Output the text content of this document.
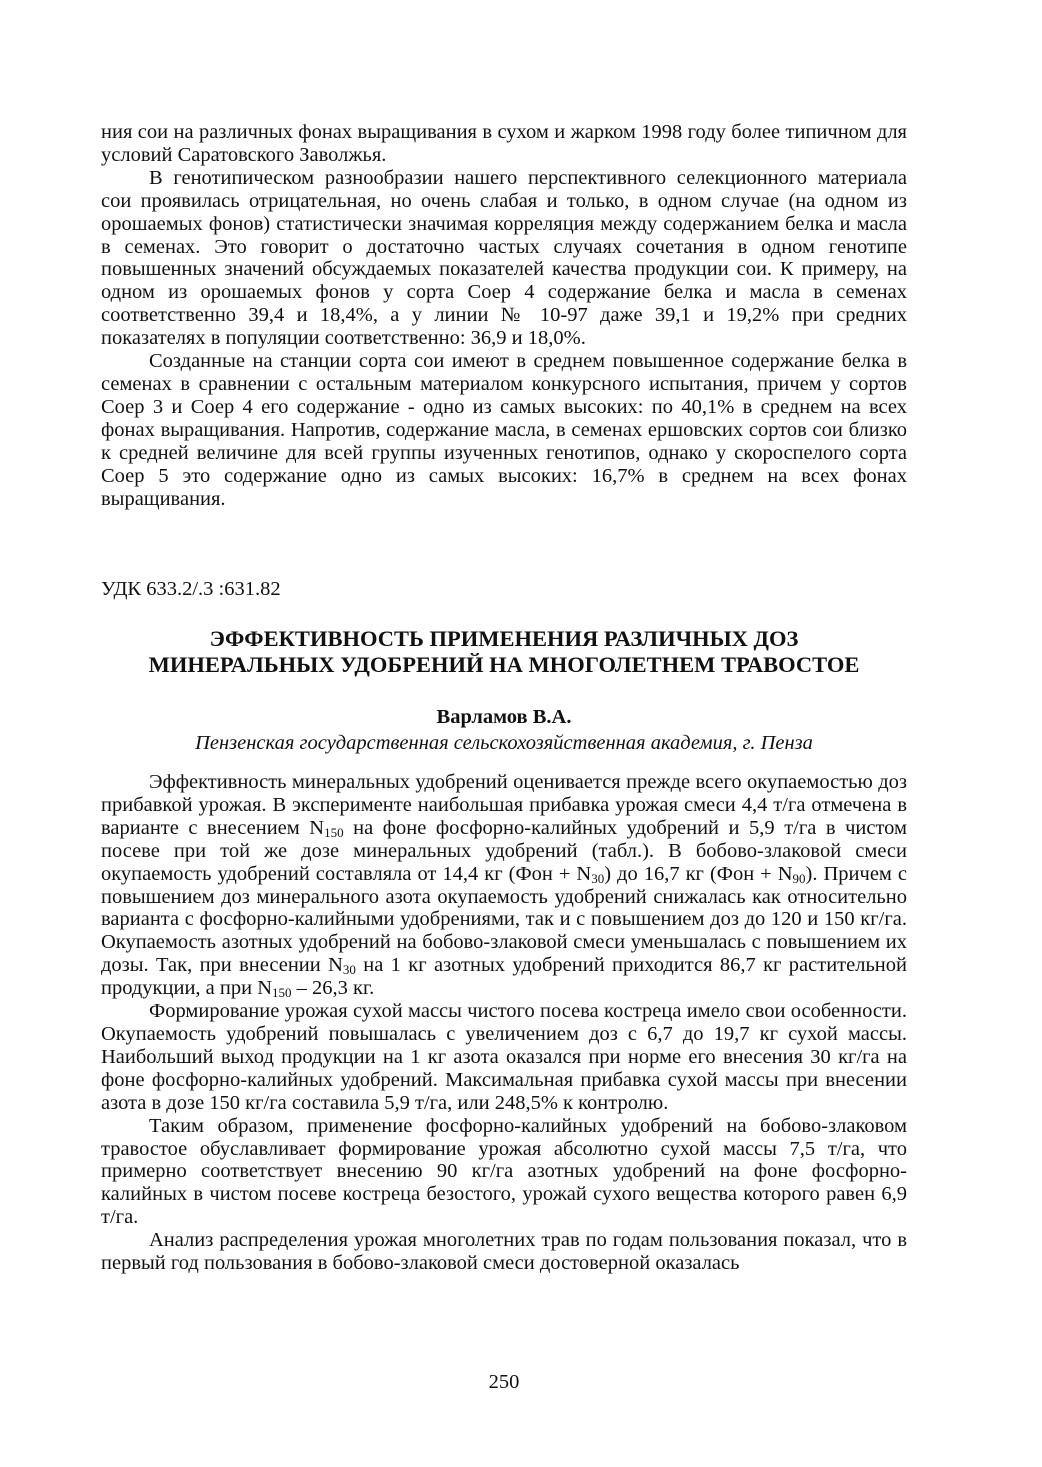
ния сои на различных фонах выращивания в сухом и жарком 1998 году более типичном для условий Саратовского Заволжья.

В генотипическом разнообразии нашего перспективного селекционного материала сои проявилась отрицательная, но очень слабая и только, в одном случае (на одном из орошаемых фонов) статистически значимая корреляция между содержанием белка и масла в семенах. Это говорит о достаточно частых случаях сочетания в одном генотипе повышенных значений обсуждаемых показателей качества продукции сои. К примеру, на одном из орошаемых фонов у сорта Соер 4 содержание белка и масла в семенах соответственно 39,4 и 18,4%, а у линии № 10-97 даже 39,1 и 19,2% при средних показателях в популяции соответственно: 36,9 и 18,0%.

Созданные на станции сорта сои имеют в среднем повышенное содержание белка в семенах в сравнении с остальным материалом конкурсного испытания, причем у сортов Соер 3 и Соер 4 его содержание - одно из самых высоких: по 40,1% в среднем на всех фонах выращивания. Напротив, содержание масла, в семенах ершовских сортов сои близко к средней величине для всей группы изученных генотипов, однако у скороспелого сорта Соер 5 это содержание одно из самых высоких: 16,7% в среднем на всех фонах выращивания.

УДК 633.2/.3 :631.82

ЭФФЕКТИВНОСТЬ ПРИМЕНЕНИЯ РАЗЛИЧНЫХ ДОЗ
МИНЕРАЛЬНЫХ УДОБРЕНИЙ НА МНОГОЛЕТНЕМ ТРАВОСТОЕ

Варламов В.А.

Пензенская государственная сельскохозяйственная академия, г. Пенза

Эффективность минеральных удобрений оценивается прежде всего окупаемостью доз прибавкой урожая. В эксперименте наибольшая прибавка урожая смеси 4,4 т/га отмечена в варианте с внесением $N_{150}$ на фоне фосфорно-калийных удобрений и 5,9 т/га в чистом посеве при той же дозе минеральных удобрений (табл.). В бобово-злаковой смеси окупаемость удобрений составляла от 14,4 кг $(Фон + N_{30})$ до 16,7 кг $(Фон + N_{90})$. Причем с повышением доз минерального азота окупаемость удобрений снижалась как относительно варианта с фосфорно-калийными удобрениями, так и с повышением доз до 120 и 150 кг/га. Окупаемость азотных удобрений на бобово-злаковой смеси уменьшалась с повышением их дозы. Так, при внесении $N_{30}$ на 1 кг азотных удобрений приходится 86,7 кг растительной продукции, а при $N_{150} - 26,3$ кг.

Формирование урожая сухой массы чистого посева костреца имело свои особенности. Окупаемость удобрений повышалась с увеличением доз с 6,7 до 19,7 кг сухой массы. Наибольший выход продукции на 1 кг азота оказался при норме его внесения 30 кг/га на фоне фосфорно-калийных удобрений. Максимальная прибавка сухой массы при внесении азота в дозе 150 кг/га составила 5,9 т/га, или 248,5% к контролю.

Таким образом, применение фосфорно-калийных удобрений на бобово-злаковом травостое обуславливает формирование урожая абсолютно сухой массы 7,5 т/га, что примерно соответствует внесению 90 кг/га азотных удобрений на фоне фосфорно-калийных в чистом посеве костреца безостого, урожай сухого вещества которого равен 6,9 т/га.

Анализ распределения урожая многолетних трав по годам пользования показал, что в первый год пользования в бобово-злаковой смеси достоверной оказалась

250
